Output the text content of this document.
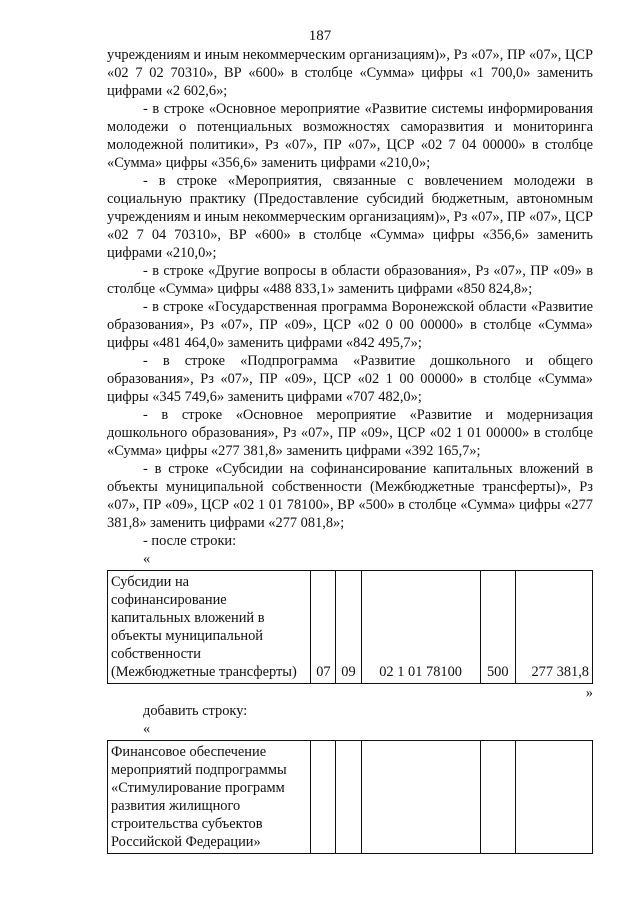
187

учреждениям и иным некоммерческим организациям)», Рз «07», ПР «07», ЦСР «02 7 02 70310», ВР «600» в столбце «Сумма» цифры «1 700,0» заменить цифрами «2 602,6»;

- в строке «Основное мероприятие «Развитие системы информирования молодежи о потенциальных возможностях саморазвития и мониторинга молодежной политики», Рз «07», ПР «07», ЦСР «02 7 04 00000» в столбце «Сумма» цифры «356,6» заменить цифрами «210,0»;

- в строке «Мероприятия, связанные с вовлечением молодежи в социальную практику (Предоставление субсидий бюджетным, автономным учреждениям и иным некоммерческим организациям)», Рз «07», ПР «07», ЦСР «02 7 04 70310», ВР «600» в столбце «Сумма» цифры «356,6» заменить цифрами «210,0»;

- в строке «Другие вопросы в области образования», Рз «07», ПР «09» в столбце «Сумма» цифры «488 833,1» заменить цифрами «850 824,8»;

- в строке «Государственная программа Воронежской области «Развитие образования», Рз «07», ПР «09», ЦСР «02 0 00 00000» в столбце «Сумма» цифры «481 464,0» заменить цифрами «842 495,7»;

- в строке «Подпрограмма «Развитие дошкольного и общего образования», Рз «07», ПР «09», ЦСР «02 1 00 00000» в столбце «Сумма» цифры «345 749,6» заменить цифрами «707 482,0»;

- в строке «Основное мероприятие «Развитие и модернизация дошкольного образования», Рз «07», ПР «09», ЦСР «02 1 01 00000» в столбце «Сумма» цифры «277 381,8» заменить цифрами «392 165,7»;

- в строке «Субсидии на софинансирование капитальных вложений в объекты муниципальной собственности (Межбюджетные трансферты)», Рз «07», ПР «09», ЦСР «02 1 01 78100», ВР «500» в столбце «Сумма» цифры «277 381,8» заменить цифрами «277 081,8»;

- после строки:

«

Субсидии на софинансирование капитальных вложений в объекты муниципальной собственности (Межбюджетные трансферты)	07	09	02 1 01 78100	500	277 381,8

»

добавить строку:

«

Финансовое обеспечение мероприятий подпрограммы «Стимулирование программ развития жилищного строительства субъектов Российской Федерации»					
